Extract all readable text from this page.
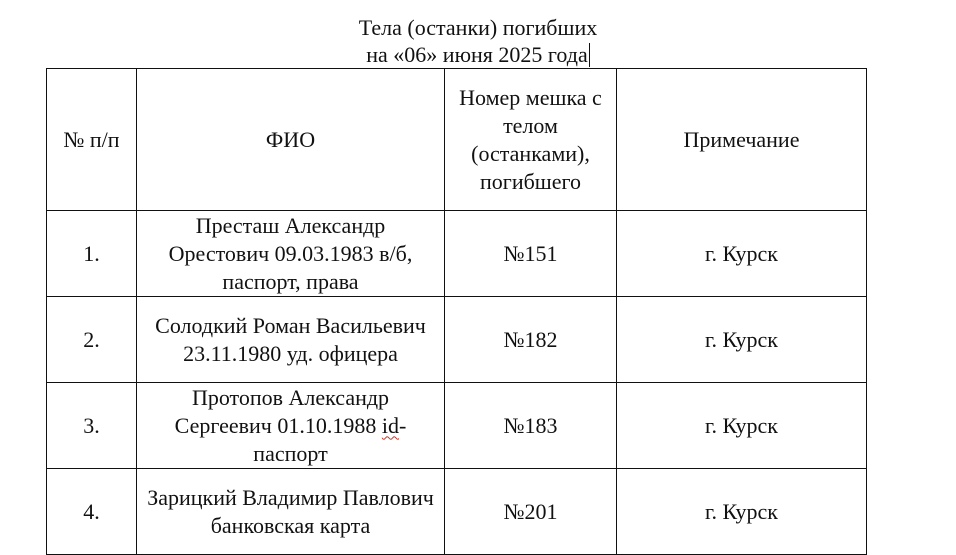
Тела (останки) погибших
на «06» июня 2025 года
№ п/п	ФИО	Номер мешка с телом (останками), погибшего	Примечание
1.	Престаш Александр Орестович 09.03.1983 в/б, паспорт, права	№151	г. Курск
2.	Солодкий Роман Васильевич 23.11.1980 уд. офицера	№182	г. Курск
3.	Протопов Александр Сергеевич 01.10.1988 id-паспорт	№183	г. Курск
4.	Зарицкий Владимир Павлович банковская карта	№201	г. Курск
